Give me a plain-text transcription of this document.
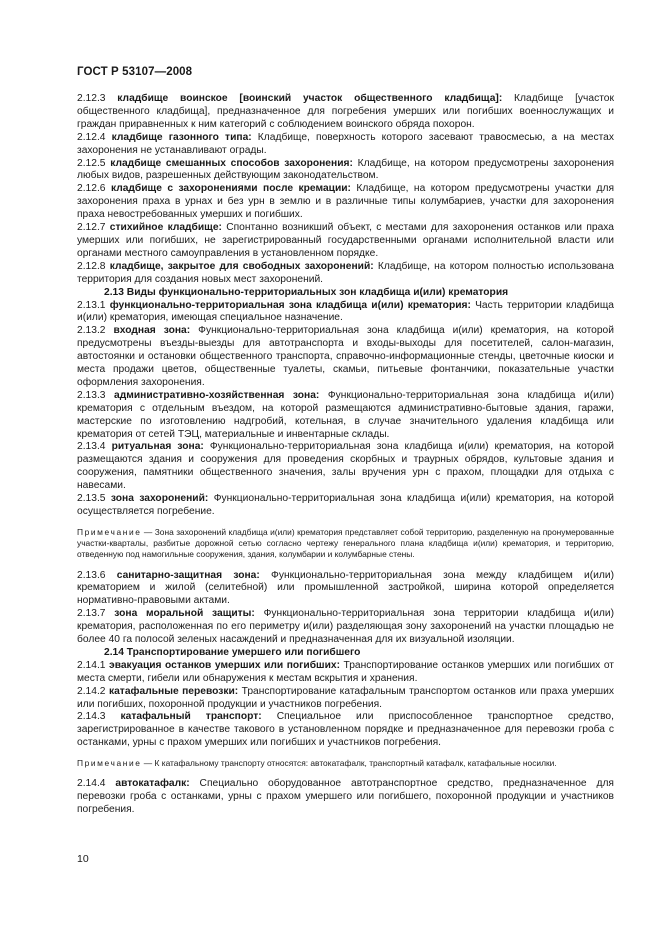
ГОСТ Р 53107—2008

2.12.3 кладбище воинское [воинский участок общественного кладбища]: Кладбище [участок общественного кладбища], предназначенное для погребения умерших или погибших военнослужащих и граждан приравненных к ним категорий с соблюдением воинского обряда похорон.

2.12.4 кладбище газонного типа: Кладбище, поверхность которого засевают травосмесью, а на местах захоронения не устанавливают ограды.

2.12.5 кладбище смешанных способов захоронения: Кладбище, на котором предусмотрены захоронения любых видов, разрешенных действующим законодательством.

2.12.6 кладбище с захоронениями после кремации: Кладбище, на котором предусмотрены участки для захоронения праха в урнах и без урн в землю и в различные типы колумбариев, участки для захоронения праха невостребованных умерших и погибших.

2.12.7 стихийное кладбище: Спонтанно возникший объект, с местами для захоронения останков или праха умерших или погибших, не зарегистрированный государственными органами исполнительной власти или органами местного самоуправления в установленном порядке.

2.12.8 кладбище, закрытое для свободных захоронений: Кладбище, на котором полностью использована территория для создания новых мест захоронений.

2.13 Виды функционально-территориальных зон кладбища и(или) крематория

2.13.1 функционально-территориальная зона кладбища и(или) крематория: Часть территории кладбища и(или) крематория, имеющая специальное назначение.

2.13.2 входная зона: Функционально-территориальная зона кладбища и(или) крематория, на которой предусмотрены въезды-выезды для автотранспорта и входы-выходы для посетителей, салон-магазин, автостоянки и остановки общественного транспорта, справочно-информационные стенды, цветочные киоски и места продажи цветов, общественные туалеты, скамьи, питьевые фонтанчики, показательные участки оформления захоронения.

2.13.3 административно-хозяйственная зона: Функционально-территориальная зона кладбища и(или) крематория с отдельным въездом, на которой размещаются административно-бытовые здания, гаражи, мастерские по изготовлению надгробий, котельная, в случае значительного удаления кладбища или крематория от сетей ТЭЦ, материальные и инвентарные склады.

2.13.4 ритуальная зона: Функционально-территориальная зона кладбища и(или) крематория, на которой размещаются здания и сооружения для проведения скорбных и траурных обрядов, культовые здания и сооружения, памятники общественного значения, залы вручения урн с прахом, площадки для отдыха с навесами.

2.13.5 зона захоронений: Функционально-территориальная зона кладбища и(или) крематория, на которой осуществляется погребение.

Примечание — Зона захоронений кладбища и(или) крематория представляет собой территорию, разделенную на пронумерованные участки-кварталы, разбитые дорожной сетью согласно чертежу генерального плана кладбища и(или) крематория, и территорию, отведенную под намогильные сооружения, здания, колумбарии и колумбарные стены.

2.13.6 санитарно-защитная зона: Функционально-территориальная зона между кладбищем и(или) крематорием и жилой (селитебной) или промышленной застройкой, ширина которой определяется нормативно-правовыми актами.

2.13.7 зона моральной защиты: Функционально-территориальная зона территории кладбища и(или) крематория, расположенная по его периметру и(или) разделяющая зону захоронений на участки площадью не более 40 га полосой зеленых насаждений и предназначенная для их визуальной изоляции.

2.14 Транспортирование умершего или погибшего

2.14.1 эвакуация останков умерших или погибших: Транспортирование останков умерших или погибших от места смерти, гибели или обнаружения к местам вскрытия и хранения.

2.14.2 катафальные перевозки: Транспортирование катафальным транспортом останков или праха умерших или погибших, похоронной продукции и участников погребения.

2.14.3 катафальный транспорт: Специальное или приспособленное транспортное средство, зарегистрированное в качестве такового в установленном порядке и предназначенное для перевозки гроба с останками, урны с прахом умерших или погибших и участников погребения.

Примечание — К катафальному транспорту относятся: автокатафалк, транспортный катафалк, катафальные носилки.

2.14.4 автокатафалк: Специально оборудованное автотранспортное средство, предназначенное для перевозки гроба с останками, урны с прахом умершего или погибшего, похоронной продукции и участников погребения.

10
